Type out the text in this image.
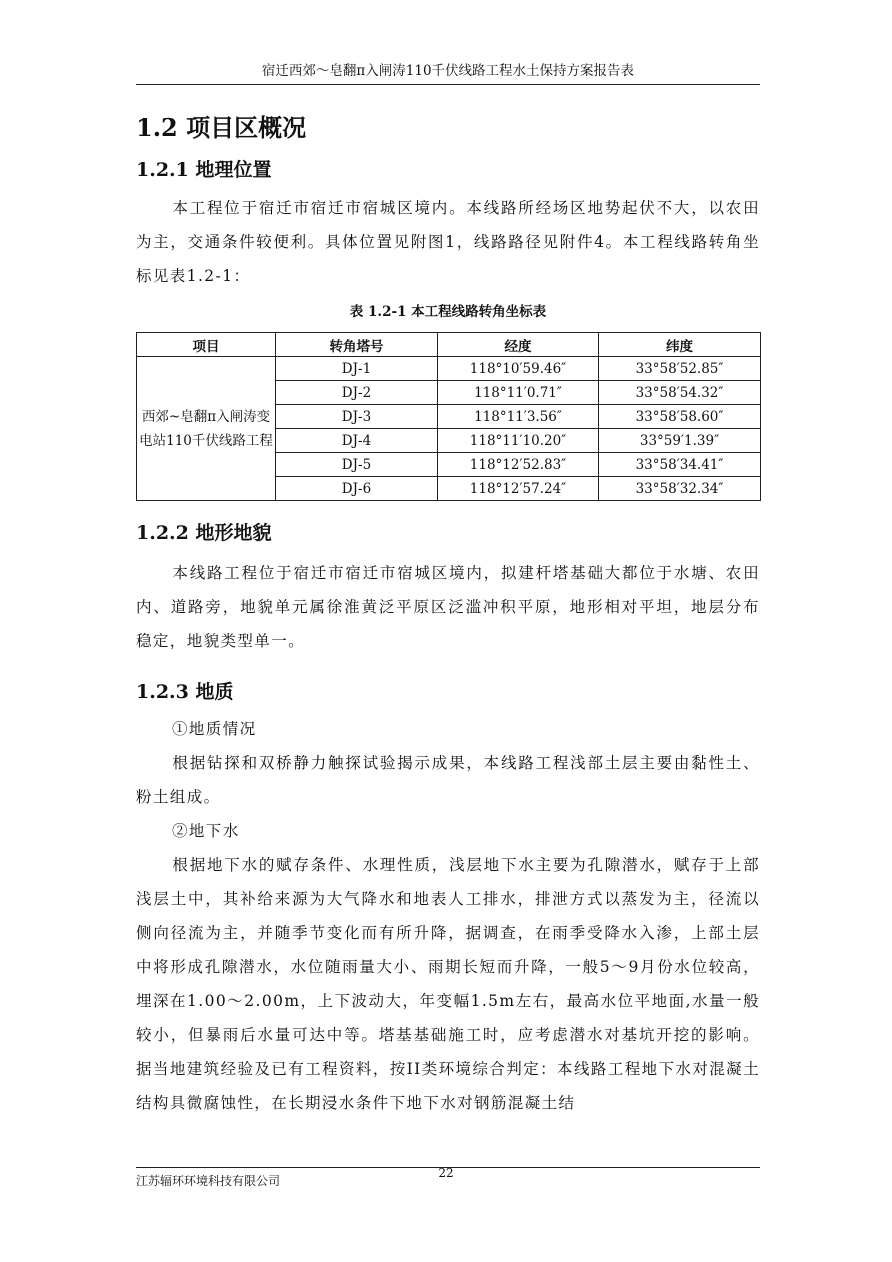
宿迁西郊～皂翻π入闸涛110千伏线路工程水土保持方案报告表
1.2 项目区概况
1.2.1 地理位置

本工程位于宿迁市宿迁市宿城区境内。本线路所经场区地势起伏不大，以农田为主，交通条件较便利。具体位置见附图1，线路路径见附件4。本工程线路转角坐标见表1.2-1：

表 1.2-1 本工程线路转角坐标表
项目	转角塔号	经度	纬度
西郊~皂翻π入闸涛变电站110千伏线路工程	DJ-1	118°10′59.46″	33°58′52.85″
	DJ-2	118°11′0.71″	33°58′54.32″
	DJ-3	118°11′3.56″	33°58′58.60″
	DJ-4	118°11′10.20″	33°59′1.39″
	DJ-5	118°12′52.83″	33°58′34.41″
	DJ-6	118°12′57.24″	33°58′32.34″
1.2.2 地形地貌

本线路工程位于宿迁市宿迁市宿城区境内，拟建杆塔基础大都位于水塘、农田内、道路旁，地貌单元属徐淮黄泛平原区泛滥冲积平原，地形相对平坦，地层分布稳定，地貌类型单一。

1.2.3 地质

①地质情况

根据钻探和双桥静力触探试验揭示成果，本线路工程浅部土层主要由黏性土、粉土组成。

②地下水

根据地下水的赋存条件、水理性质，浅层地下水主要为孔隙潜水，赋存于上部浅层土中，其补给来源为大气降水和地表人工排水，排泄方式以蒸发为主，径流以侧向径流为主，并随季节变化而有所升降，据调查，在雨季受降水入渗，上部土层中将形成孔隙潜水，水位随雨量大小、雨期长短而升降，一般5～9月份水位较高，埋深在1.00～2.00m，上下波动大，年变幅1.5m左右，最高水位平地面,水量一般较小，但暴雨后水量可达中等。塔基基础施工时，应考虑潜水对基坑开挖的影响。据当地建筑经验及已有工程资料，按II类环境综合判定：本线路工程地下水对混凝土结构具微腐蚀性，在长期浸水条件下地下水对钢筋混凝土结

江苏辐环环境科技有限公司
22
